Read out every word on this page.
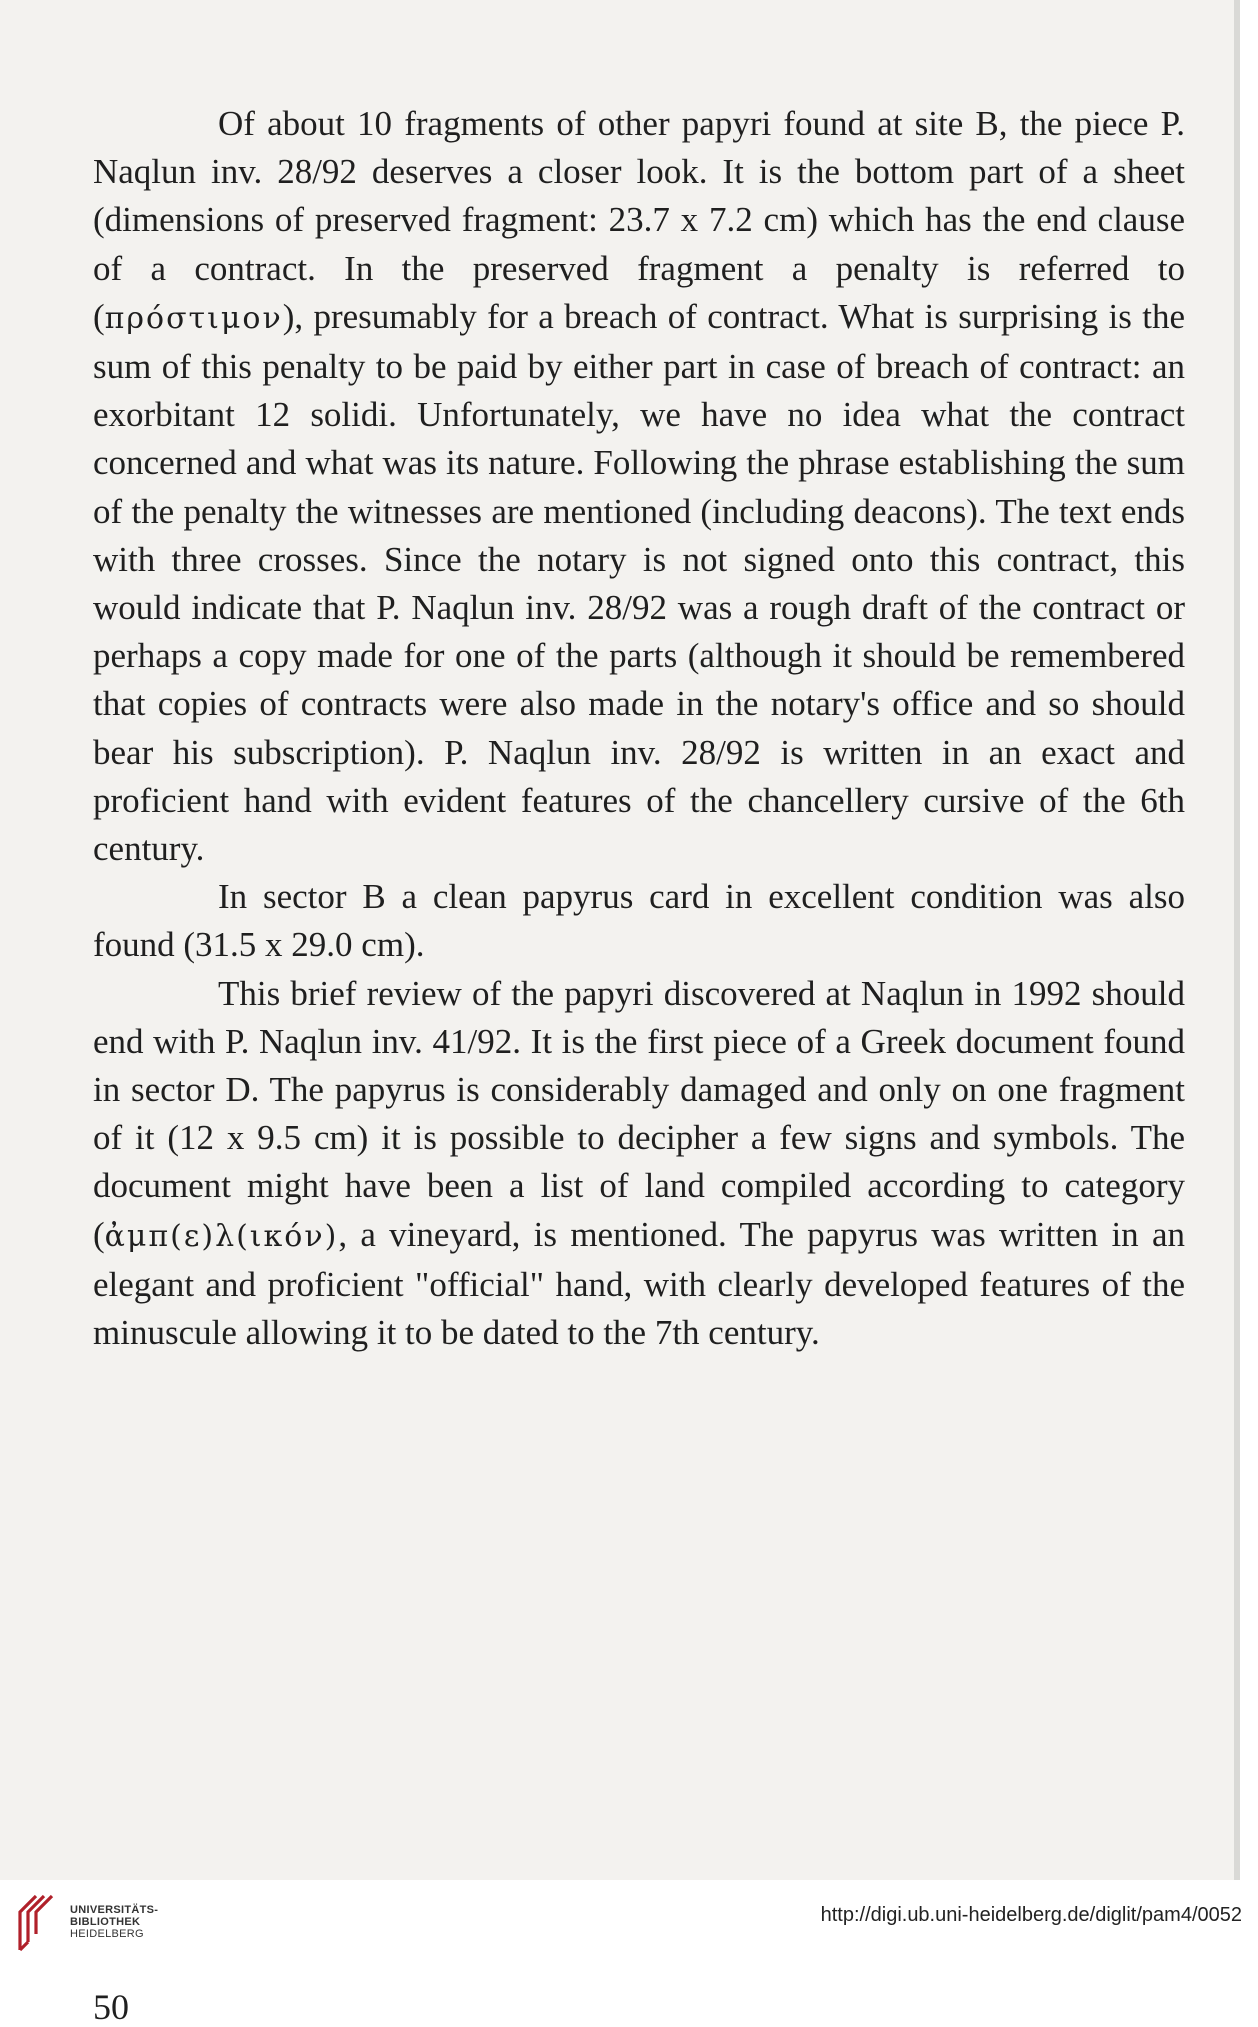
Of about 10 fragments of other papyri found at site B, the piece P. Naqlun inv. 28/92 deserves a closer look. It is the bottom part of a sheet (dimensions of preserved fragment: 23.7 x 7.2 cm) which has the end clause of a contract. In the preserved fragment a penalty is referred to (πρόστιμον), presumably for a breach of contract. What is surprising is the sum of this penalty to be paid by either part in case of breach of contract: an exorbitant 12 solidi. Unfortunately, we have no idea what the contract concerned and what was its nature. Following the phrase establishing the sum of the penalty the witnesses are mentioned (including deacons). The text ends with three crosses. Since the notary is not signed onto this contract, this would indicate that P. Naqlun inv. 28/92 was a rough draft of the contract or perhaps a copy made for one of the parts (although it should be remembered that copies of contracts were also made in the notary's office and so should bear his subscription). P. Naqlun inv. 28/92 is written in an exact and proficient hand with evident features of the chancellery cursive of the 6th century.

In sector B a clean papyrus card in excellent condition was also found (31.5 x 29.0 cm).

This brief review of the papyri discovered at Naqlun in 1992 should end with P. Naqlun inv. 41/92. It is the first piece of a Greek document found in sector D. The papyrus is considerably damaged and only on one fragment of it (12 x 9.5 cm) it is possible to decipher a few signs and symbols. The document might have been a list of land compiled according to category (ἀμπ(ε)λ(ικόν), a vineyard, is mentioned. The papyrus was written in an elegant and proficient "official" hand, with clearly developed features of the minuscule allowing it to be dated to the 7th century.

50
UNIVERSITÄTS-
BIBLIOTHEK
HEIDELBERG
http://digi.ub.uni-heidelberg.de/diglit/pam4/0052
